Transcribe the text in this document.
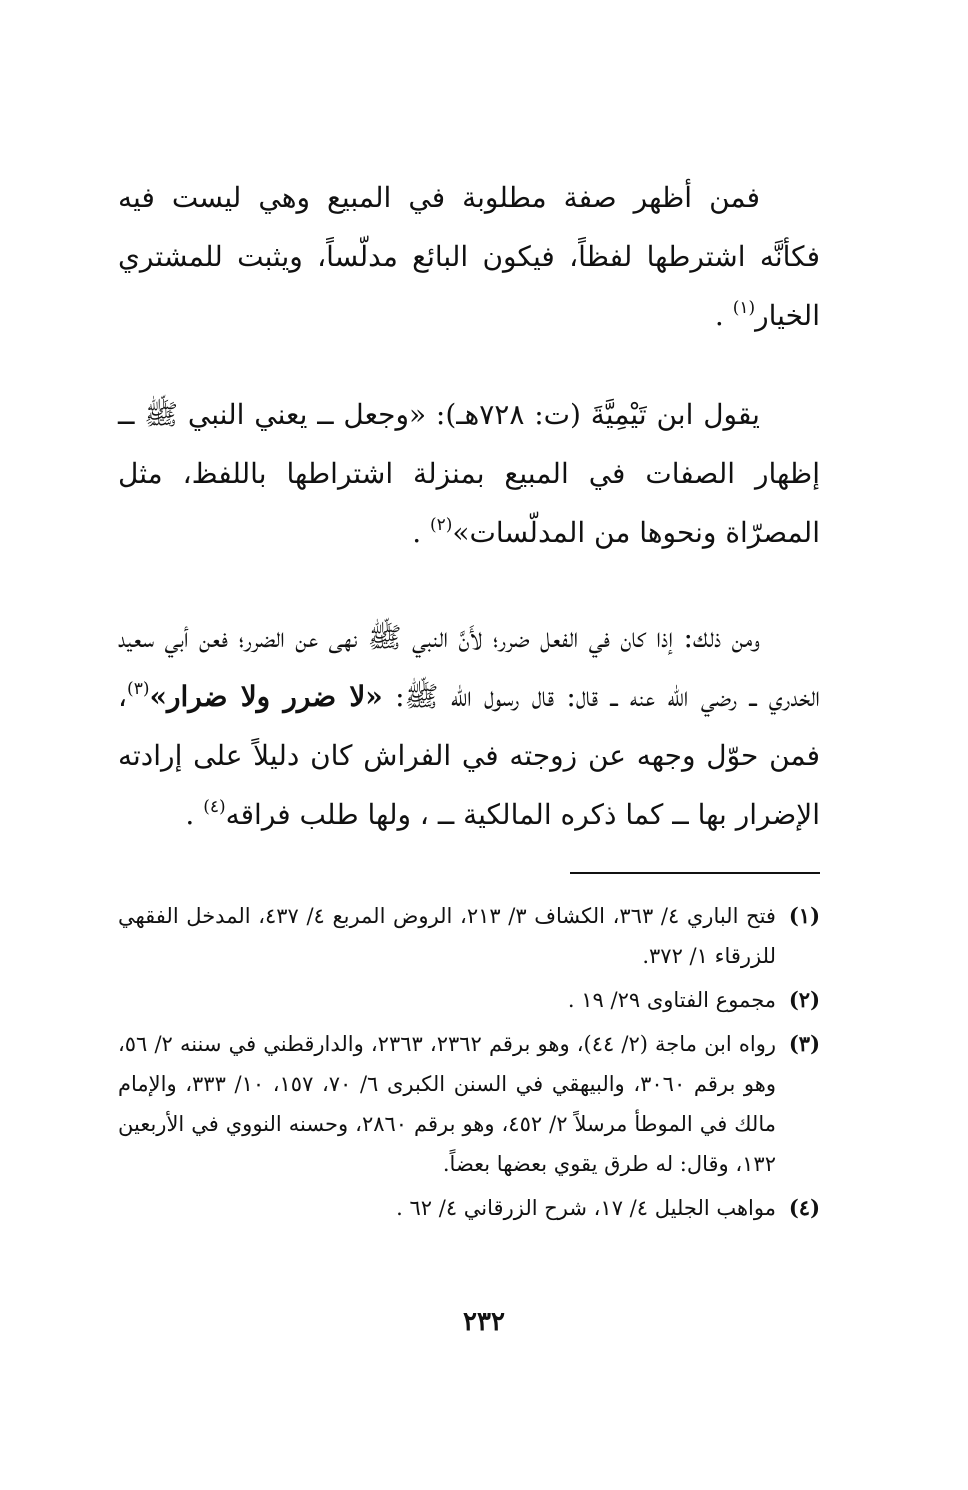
فمن أظهر صفة مطلوبة في المبيع وهي ليست فيه فكأنَّه اشترطها لفظاً، فيكون البائع مدلّساً، ويثبت للمشتري الخيار$^{(١)}$ .

يقول ابن تَيْمِيَّةَ (ت: ٧٢٨هـ): «وجعل ــ يعني النبي ﷺ ــ إظهار الصفات في المبيع بمنزلة اشتراطها باللفظ، مثل المصرّاة ونحوها من المدلّسات»$^{(٢)}$ .

ومن ذلك: إذا كان في الفعل ضرر؛ لأَنَّ النبي ﷺ نهى عن الضرر؛ فعن أبي سعيد الخدري ــ رضي الله عنه ــ قال: قال رسول الله ﷺ: «لا ضرر ولا ضرار»$^{(٣)}$، فمن حوّل وجهه عن زوجته في الفراش كان دليلاً على إرادته الإضرار بها ــ كما ذكره المالكية ــ ، ولها طلب فراقه$^{(٤)}$ .

(١)
فتح الباري ٤/ ٣٦٣، الكشاف ٣/ ٢١٣، الروض المربع ٤/ ٤٣٧، المدخل الفقهي للزرقاء ١/ ٣٧٢.
(٢)
مجموع الفتاوى ٢٩/ ١٩ .
(٣)
رواه ابن ماجة (٢/ ٤٤)، وهو برقم ٢٣٦٢، ٢٣٦٣، والدارقطني في سننه ٢/ ٥٦، وهو برقم ٣٠٦٠، والبيهقي في السنن الكبرى ٦/ ٧٠، ١٥٧، ١٠/ ٣٣٣، والإمام مالك في الموطأ مرسلاً ٢/ ٤٥٢، وهو برقم ٢٨٦٠، وحسنه النووي في الأربعين ١٣٢، وقال: له طرق يقوي بعضها بعضاً.
(٤)
مواهب الجليل ٤/ ١٧، شرح الزرقاني ٤/ ٦٢ .
٢٣٢
